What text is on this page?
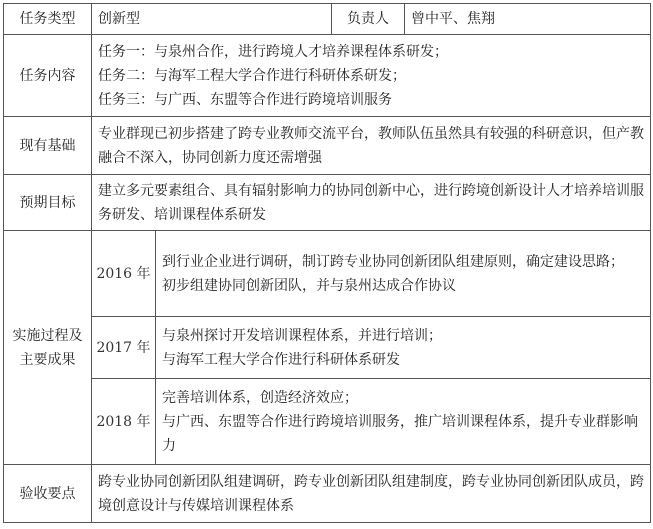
任务类型	创新型		负责人	曾中平、焦翔
任务内容	任务一：与泉州合作，进行跨境人才培养课程体系研发；
任务二：与海军工程大学合作进行科研体系研发；
任务三：与广西、东盟等合作进行跨境培训服务			

现有基础	专业群现已初步搭建了跨专业教师交流平台，教师队伍虽然具有较强的科研意识，但产教融合不深入，协同创新力度还需增强			
预期目标	建立多元要素组合、具有辐射影响力的协同创新中心，进行跨境创新设计人才培养培训服务研发、培训课程体系研发			
实施过程及主要成果	2016 年	到行业企业进行调研，制订跨专业协同创新团队组建原则，确定建设思路；
初步组建协同创新团队，并与泉州达成合作协议		

	2017 年	与泉州探讨开发培训课程体系，并进行培训；
与海军工程大学合作进行科研体系研发		

	2018 年	完善培训体系，创造经济效应；
与广西、东盟等合作进行跨境培训服务，推广培训课程体系，提升专业群影响力		

验收要点	跨专业协同创新团队组建调研，跨专业创新团队组建制度，跨专业协同创新团队成员，跨境创意设计与传媒培训课程体系			
